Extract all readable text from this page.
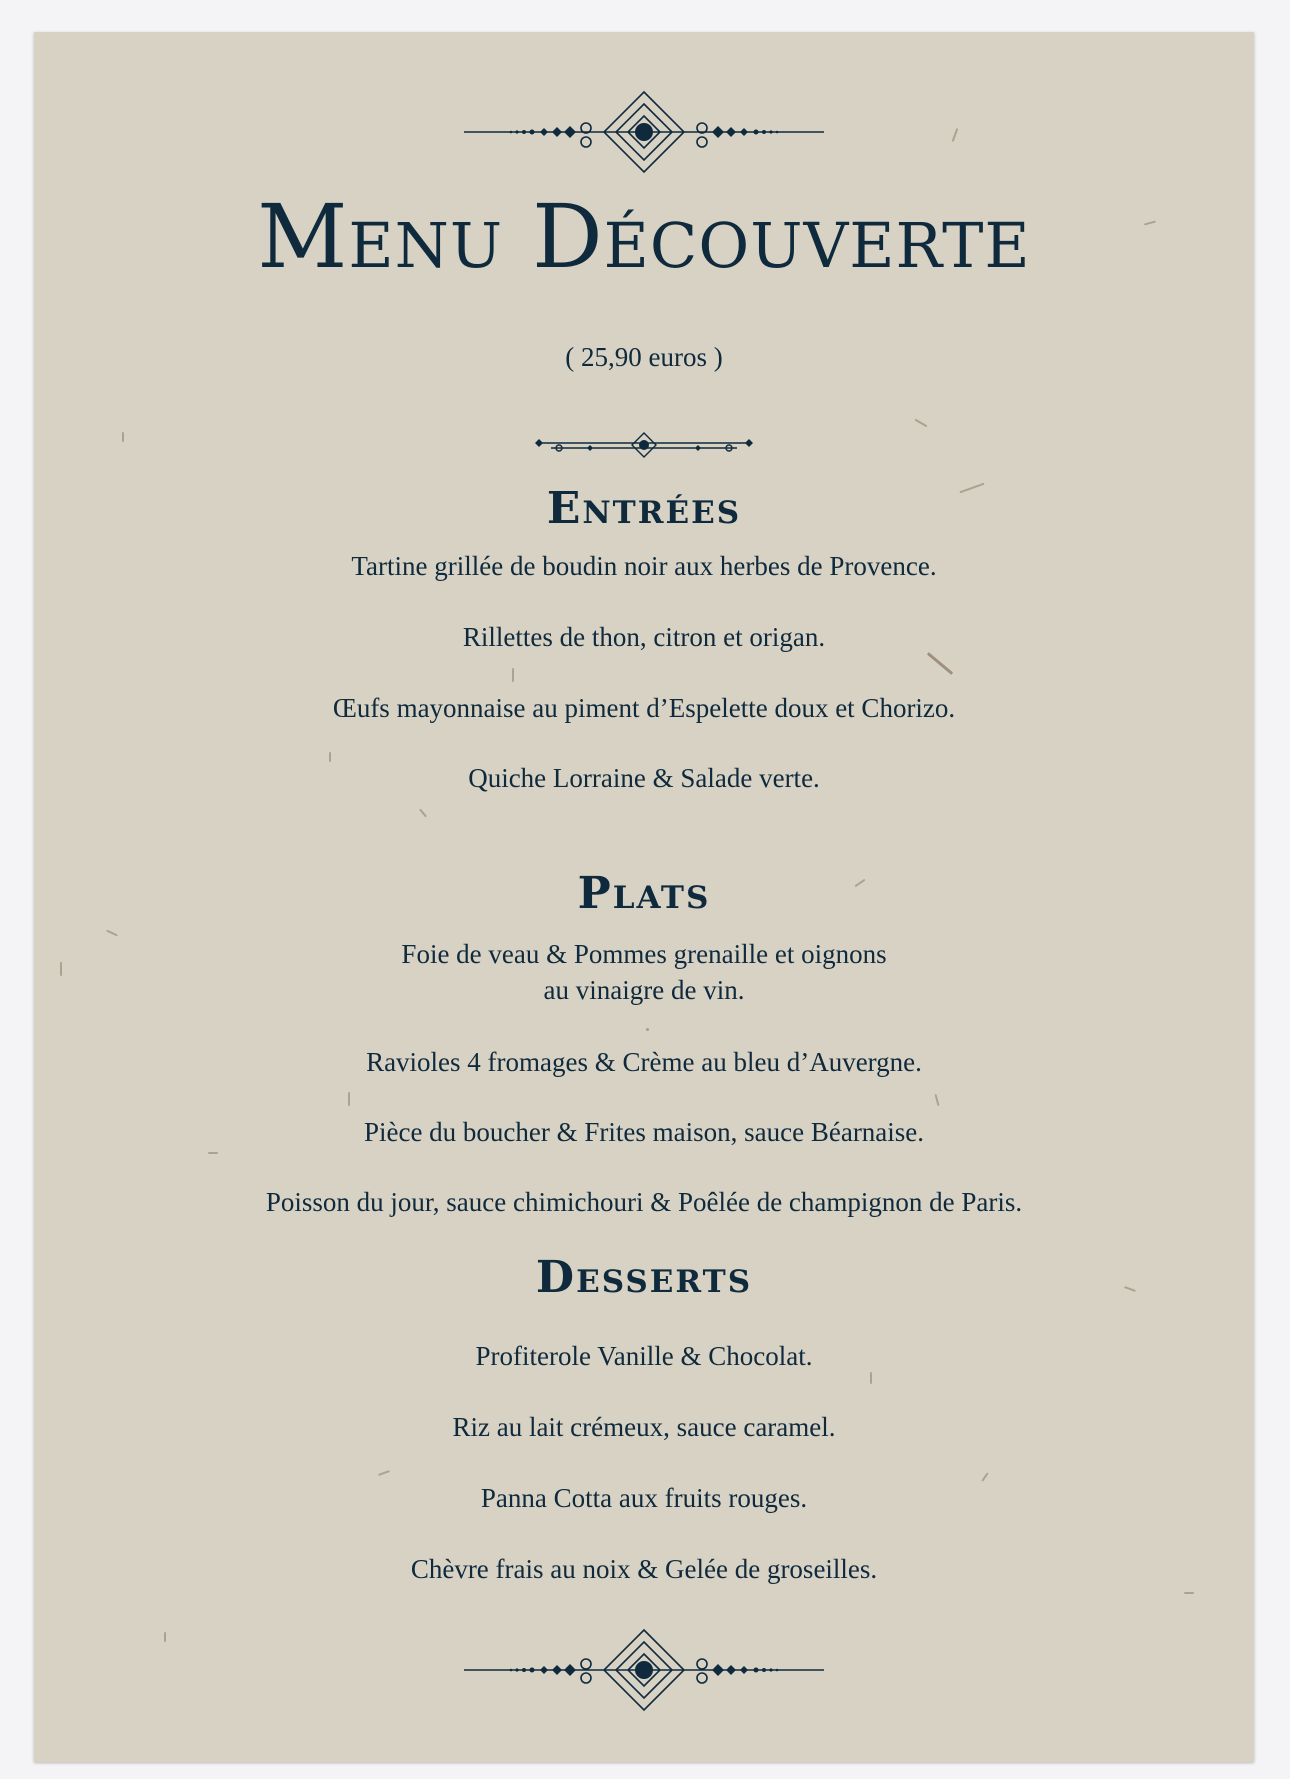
Menu Découverte
( 25,90 euros )
Entrées
Tartine grillée de boudin noir aux herbes de Provence.
Rillettes de thon, citron et origan.
Œufs mayonnaise au piment d’Espelette doux et Chorizo.
Quiche Lorraine & Salade verte.
Plats
Foie de veau & Pommes grenaille et oignons
au vinaigre de vin.
Ravioles 4 fromages & Crème au bleu d’Auvergne.
Pièce du boucher & Frites maison, sauce Béarnaise.
Poisson du jour, sauce chimichouri & Poêlée de champignon de Paris.
Desserts
Profiterole Vanille & Chocolat.
Riz au lait crémeux, sauce caramel.
Panna Cotta aux fruits rouges.
Chèvre frais au noix & Gelée de groseilles.
